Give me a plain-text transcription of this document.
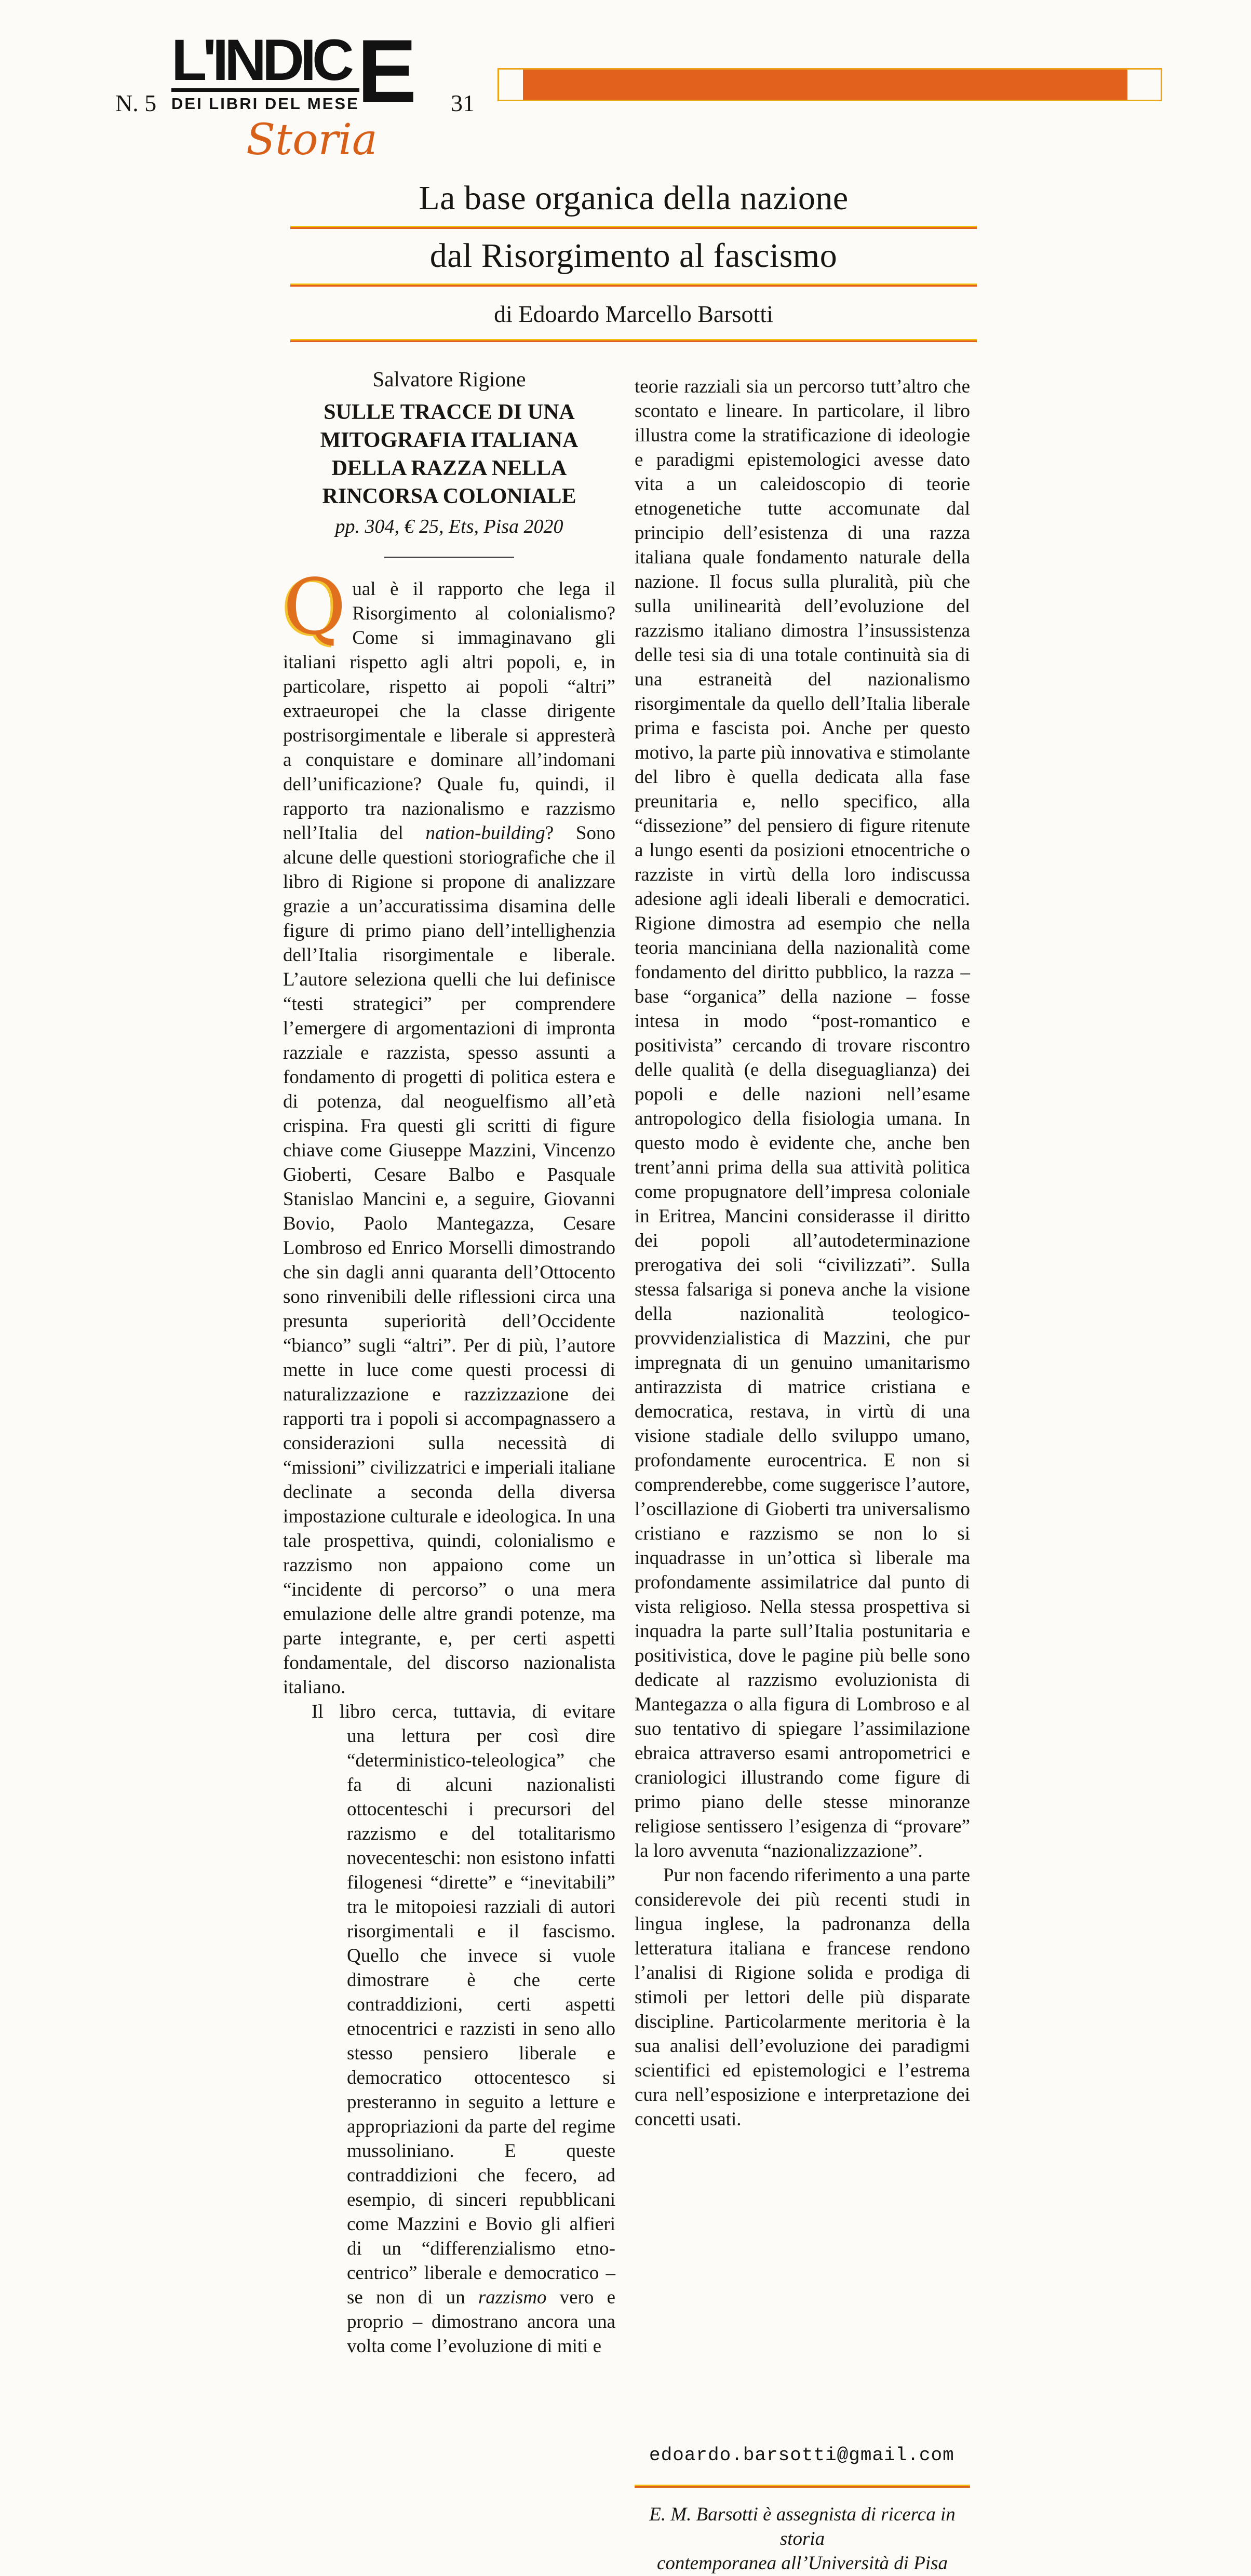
N. 5
L'INDIC E

DEI LIBRI DEL MESE	31
Storia
La base organica della nazione
dal Risorgimento al fascismo
di Edoardo Marcello Barsotti
Salvatore Rigione
SULLE TRACCE DI UNA
MITOGRAFIA ITALIANA
DELLA RAZZA NELLA
RINCORSA COLONIALE
pp. 304, € 25, Ets, Pisa 2020

Qual è il rapporto che lega il Risorgimento al colonialismo? Come si immaginavano gli italiani rispetto agli altri popoli, e, in particolare, rispetto ai popoli “altri” extraeuropei che la classe dirigente postrisorgimentale e liberale si appresterà a conquistare e dominare all’indomani dell’unificazione? Quale fu, quindi, il rapporto tra nazionalismo e razzismo nell’Italia del nation-building? Sono alcune delle questioni storiografiche che il libro di Rigione si propone di analizzare grazie a un’accuratissima disamina delle figure di primo piano dell’intellighenzia dell’Italia risorgimentale e liberale. L’autore seleziona quelli che lui definisce “testi strategici” per comprendere l’emergere di argomentazioni di impronta razziale e razzista, spesso assunti a fondamento di progetti di politica estera e di potenza, dal neoguelfismo all’età crispina. Fra questi gli scritti di figure chiave come Giuseppe Mazzini, Vincenzo Gioberti, Cesare Balbo e Pasquale Stanislao Mancini e, a seguire, Giovanni Bovio, Paolo Mantegazza, Cesare Lombroso ed Enrico Morselli dimostrando che sin dagli anni quaranta dell’Ottocento sono rinvenibili delle riflessioni circa una presunta superiorità dell’Occidente “bianco” sugli “altri”. Per di più, l’autore mette in luce come questi processi di naturalizzazione e razzizzazione dei rapporti tra i popoli si accompagnassero a considerazioni sulla necessità di “missioni” civilizzatrici e imperiali italiane declinate a seconda della diversa impostazione culturale e ideologica. In una tale prospettiva, quindi, colonialismo e razzismo non appaiono come un “incidente di percorso” o una mera emulazione delle altre grandi potenze, ma parte integrante, e, per certi aspetti fondamentale, del discorso nazionalista italiano.

Il libro cerca, tuttavia, di evitare

una lettura per così dire “deterministico-teleologica” che fa di alcuni nazionalisti ottocenteschi i precursori del razzismo e del totalitarismo novecenteschi: non esistono infatti filogenesi “dirette” e “inevitabili” tra le mitopoiesi razziali di autori risorgimentali e il fascismo. Quello che invece si vuole dimostrare è che certe contraddizioni, certi aspetti etnocentrici e razzisti in seno allo stesso pensiero liberale e democratico ottocentesco si presteranno in seguito a letture e appropriazioni da parte del regime mussoliniano. E queste contraddizioni che fecero, ad esempio, di sinceri repubblicani come Mazzini e Bovio gli alfieri di un “differenzialismo etno-centrico” liberale e democratico – se non di un razzismo vero e proprio – dimostrano ancora una volta come l’evoluzione di miti e

teorie razziali sia un percorso tutt’altro che scontato e lineare. In particolare, il libro illustra come la stratificazione di ideologie e paradigmi epistemologici avesse dato vita a un caleidoscopio di teorie etnogenetiche tutte accomunate dal principio dell’esistenza di una razza italiana quale fondamento naturale della nazione. Il focus sulla pluralità, più che sulla unilinearità dell’evoluzione del razzismo italiano dimostra l’insussistenza delle tesi sia di una totale continuità sia di una estraneità del nazionalismo risorgimentale da quello dell’Italia liberale prima e fascista poi. Anche per questo motivo, la parte più innovativa e stimolante del libro è quella dedicata alla fase preunitaria e, nello specifico, alla “dissezione” del pensiero di figure ritenute a lungo esenti da posizioni etnocentriche o razziste in virtù della loro indiscussa adesione agli ideali liberali e democratici. Rigione dimostra ad esempio che nella teoria manciniana della nazionalità come fondamento del diritto pubblico, la razza – base “organica” della nazione – fosse intesa in modo “post-romantico e positivista” cercando di trovare riscontro delle qualità (e della diseguaglianza) dei popoli e delle nazioni nell’esame antropologico della fisiologia umana. In questo modo è evidente che, anche ben trent’anni prima della sua attività politica come propugnatore dell’impresa coloniale in Eritrea, Mancini considerasse il diritto dei popoli all’autodeterminazione prerogativa dei soli “civilizzati”. Sulla stessa falsariga si poneva anche la visione della nazionalità teologico-provvidenzialistica di Mazzini, che pur impregnata di un genuino umanitarismo antirazzista di matrice cristiana e democratica, restava, in virtù di una visione stadiale dello sviluppo umano, profondamente eurocentrica. E non si comprenderebbe, come suggerisce l’autore, l’oscillazione di Gioberti tra universalismo cristiano e razzismo se non lo si inquadrasse in un’ottica sì liberale ma profondamente assimilatrice dal punto di vista religioso. Nella stessa prospettiva si inquadra la parte sull’Italia postunitaria e positivistica, dove le pagine più belle sono dedicate al razzismo evoluzionista di Mantegazza o alla figura di Lombroso e al suo tentativo di spiegare l’assimilazione ebraica attraverso esami antropometrici e craniologici illustrando come figure di primo piano delle stesse minoranze religiose sentissero l’esigenza di “provare” la loro avvenuta “nazionalizzazione”.

Pur non facendo riferimento a una parte considerevole dei più recenti studi in lingua inglese, la padronanza della letteratura italiana e francese rendono l’analisi di Rigione solida e prodiga di stimoli per lettori delle più disparate discipline. Particolarmente meritoria è la sua analisi dell’evoluzione dei paradigmi scientifici ed epistemologici e l’estrema cura nell’esposizione e interpretazione dei concetti usati.

edoardo.barsotti@gmail.com
E. M. Barsotti è assegnista di ricerca in storia
contemporanea all’Università di Pisa
